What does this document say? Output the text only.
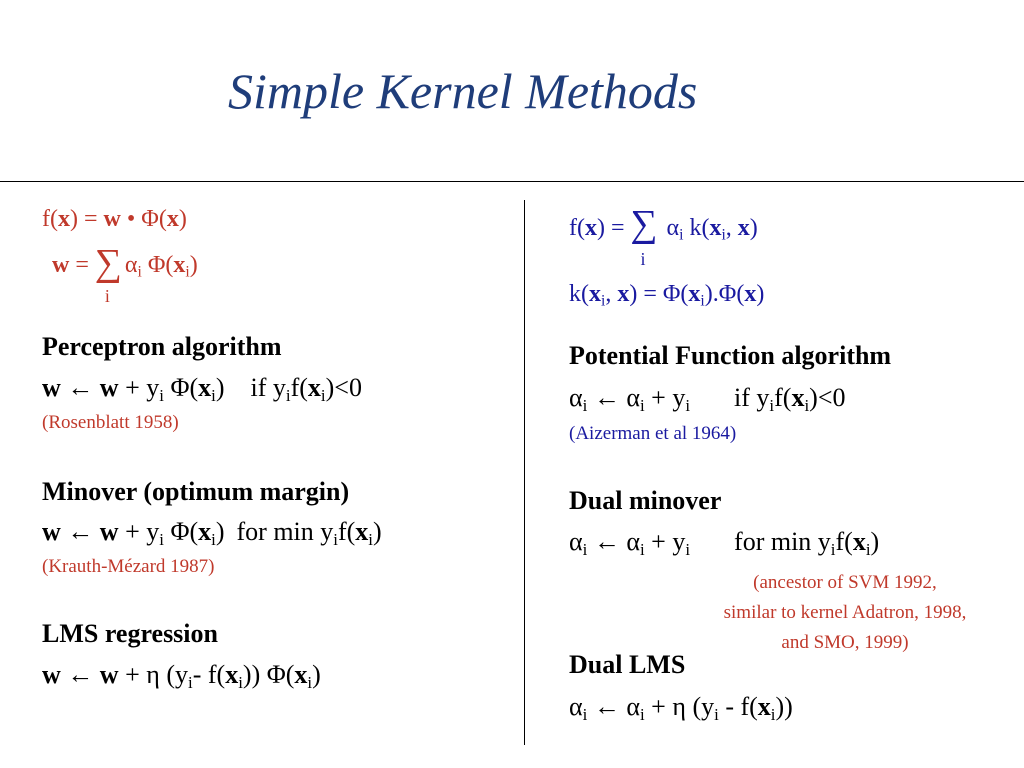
Simple Kernel Methods
f(x) = w • Φ(x)
w = ∑
i
$\alpha_i$ $\Phi(x_i)$
Perceptron algorithm
w ← $w + y_i$ $\Phi(x_i)$ if $y_if(x_i)<0$
(Rosenblatt 1958)
Minover (optimum margin)
w ← $w + y_i$ $\Phi(x_i)$ for $\min y_if(x_i)$
(Krauth-Mézard 1987)
LMS regression
w ← w + η ($y_i-$ $f(x_i)$) $\Phi(x_i)$
f(x) = ∑
i
$\alpha_i$ $k(x_i$, x)
$k(x_i$, $x) = \Phi(x_i).\Phi(x)$
Potential Function algorithm
$\alpha_i$ ← $\alpha_i + y_i$ if $y_if(x_i)<0$
(Aizerman et al 1964)
Dual minover
$\alpha_i$ ← $\alpha_i + y_i$ for $\min y_if(x_i)$
(ancestor of SVM 1992,
similar to kernel Adatron, 1998,
and SMO, 1999)
Dual LMS
$\alpha_i$ ← $\alpha_i + \eta$ $(y_i - f(x_i))$
